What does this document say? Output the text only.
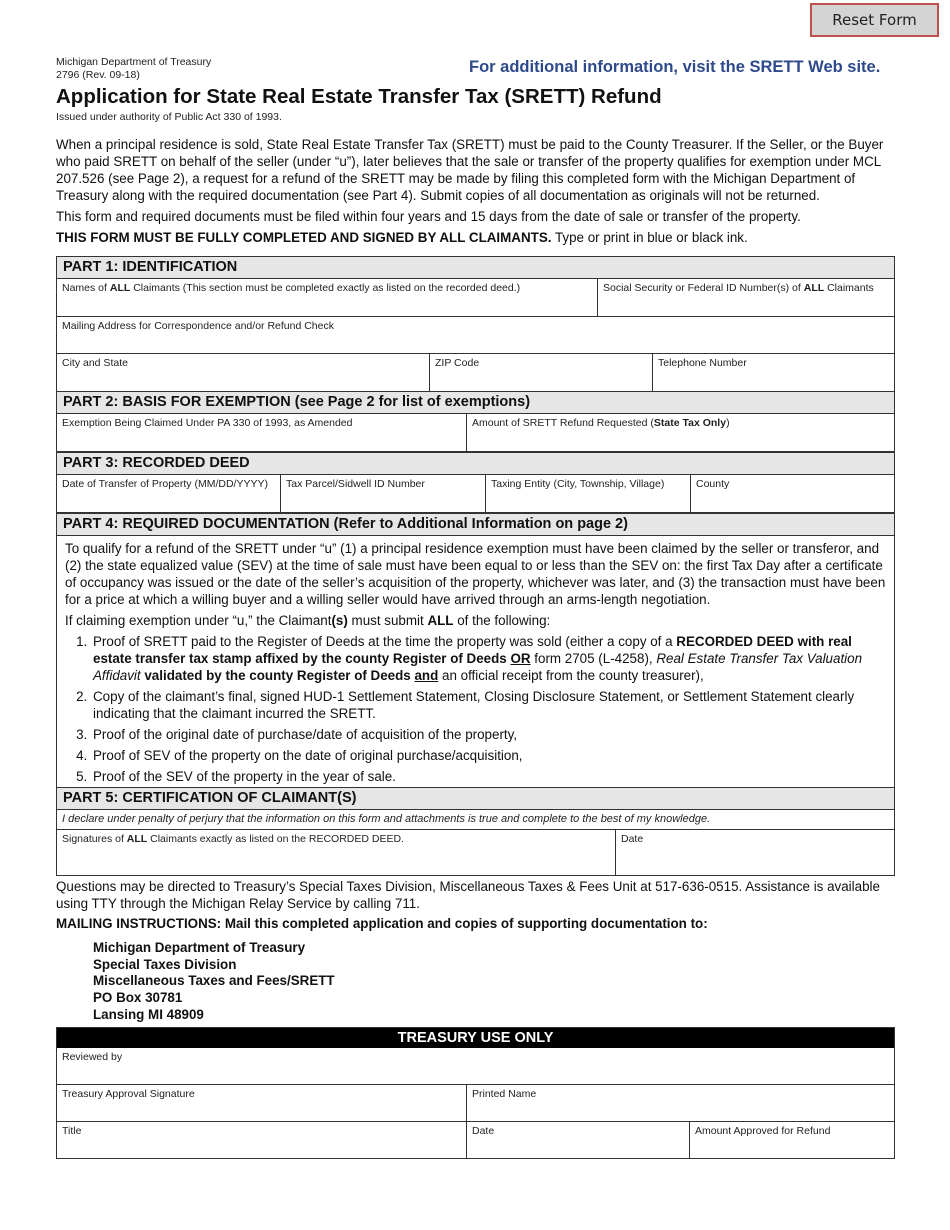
Reset Form
Michigan Department of Treasury
2796 (Rev. 09-18)	For additional information, visit the SRETT Web site.
Application for State Real Estate Transfer Tax (SRETT) Refund
Issued under authority of Public Act 330 of 1993.

When a principal residence is sold, State Real Estate Transfer Tax (SRETT) must be paid to the County Treasurer. If the Seller, or the Buyer who paid SRETT on behalf of the seller (under “u”), later believes that the sale or transfer of the property qualifies for exemption under MCL 207.526 (see Page 2), a request for a refund of the SRETT may be made by filing this completed form with the Michigan Department of Treasury along with the required documentation (see Part 4). Submit copies of all documentation as originals will not be returned.

This form and required documents must be filed within four years and 15 days from the date of sale or transfer of the property.

THIS FORM MUST BE FULLY COMPLETED AND SIGNED BY ALL CLAIMANTS. Type or print in blue or black ink.

PART 1: IDENTIFICATION
Names of ALL Claimants (This section must be completed exactly as listed on the recorded deed.)	Social Security or Federal ID Number(s) of ALL Claimants
Mailing Address for Correspondence and/or Refund Check
City and State	ZIP Code	Telephone Number
PART 2: BASIS FOR EXEMPTION (see Page 2 for list of exemptions)
Exemption Being Claimed Under PA 330 of 1993, as Amended	Amount of SRETT Refund Requested (State Tax Only)
PART 3: RECORDED DEED
Date of Transfer of Property (MM/DD/YYYY)	Tax Parcel/Sidwell ID Number	Taxing Entity (City, Township, Village)	County
PART 4: REQUIRED DOCUMENTATION (Refer to Additional Information on page 2)
To qualify for a refund of the SRETT under “u” (1) a principal residence exemption must have been claimed by the seller or transferor, and (2) the state equalized value (SEV) at the time of sale must have been equal to or less than the SEV on: the first Tax Day after a certificate of occupancy was issued or the date of the seller’s acquisition of the property, whichever was later, and (3) the transaction must have been for a price at which a willing buyer and a willing seller would have arrived through an arms-length negotiation.
If claiming exemption under “u,” the Claimant(s) must submit ALL of the following:
1. Proof of SRETT paid to the Register of Deeds at the time the property was sold (either a copy of a RECORDED DEED with real estate transfer tax stamp affixed by the county Register of Deeds OR form 2705 (L-4258), Real Estate Transfer Tax Valuation Affidavit validated by the county Register of Deeds and an official receipt from the county treasurer),
2. Copy of the claimant’s final, signed HUD-1 Settlement Statement, Closing Disclosure Statement, or Settlement Statement clearly indicating that the claimant incurred the SRETT.
3. Proof of the original date of purchase/date of acquisition of the property,
4. Proof of SEV of the property on the date of original purchase/acquisition,
5. Proof of the SEV of the property in the year of sale.
PART 5: CERTIFICATION OF CLAIMANT(S)
I declare under penalty of perjury that the information on this form and attachments is true and complete to the best of my knowledge.
Signatures of ALL Claimants exactly as listed on the RECORDED DEED.	Date
Questions may be directed to Treasury’s Special Taxes Division, Miscellaneous Taxes & Fees Unit at 517-636-0515. Assistance is available using TTY through the Michigan Relay Service by calling 711.
MAILING INSTRUCTIONS: Mail this completed application and copies of supporting documentation to:
Michigan Department of Treasury
Special Taxes Division
Miscellaneous Taxes and Fees/SRETT
PO Box 30781
Lansing MI 48909
TREASURY USE ONLY
Reviewed by
Treasury Approval Signature	Printed Name
Title	Date	Amount Approved for Refund
